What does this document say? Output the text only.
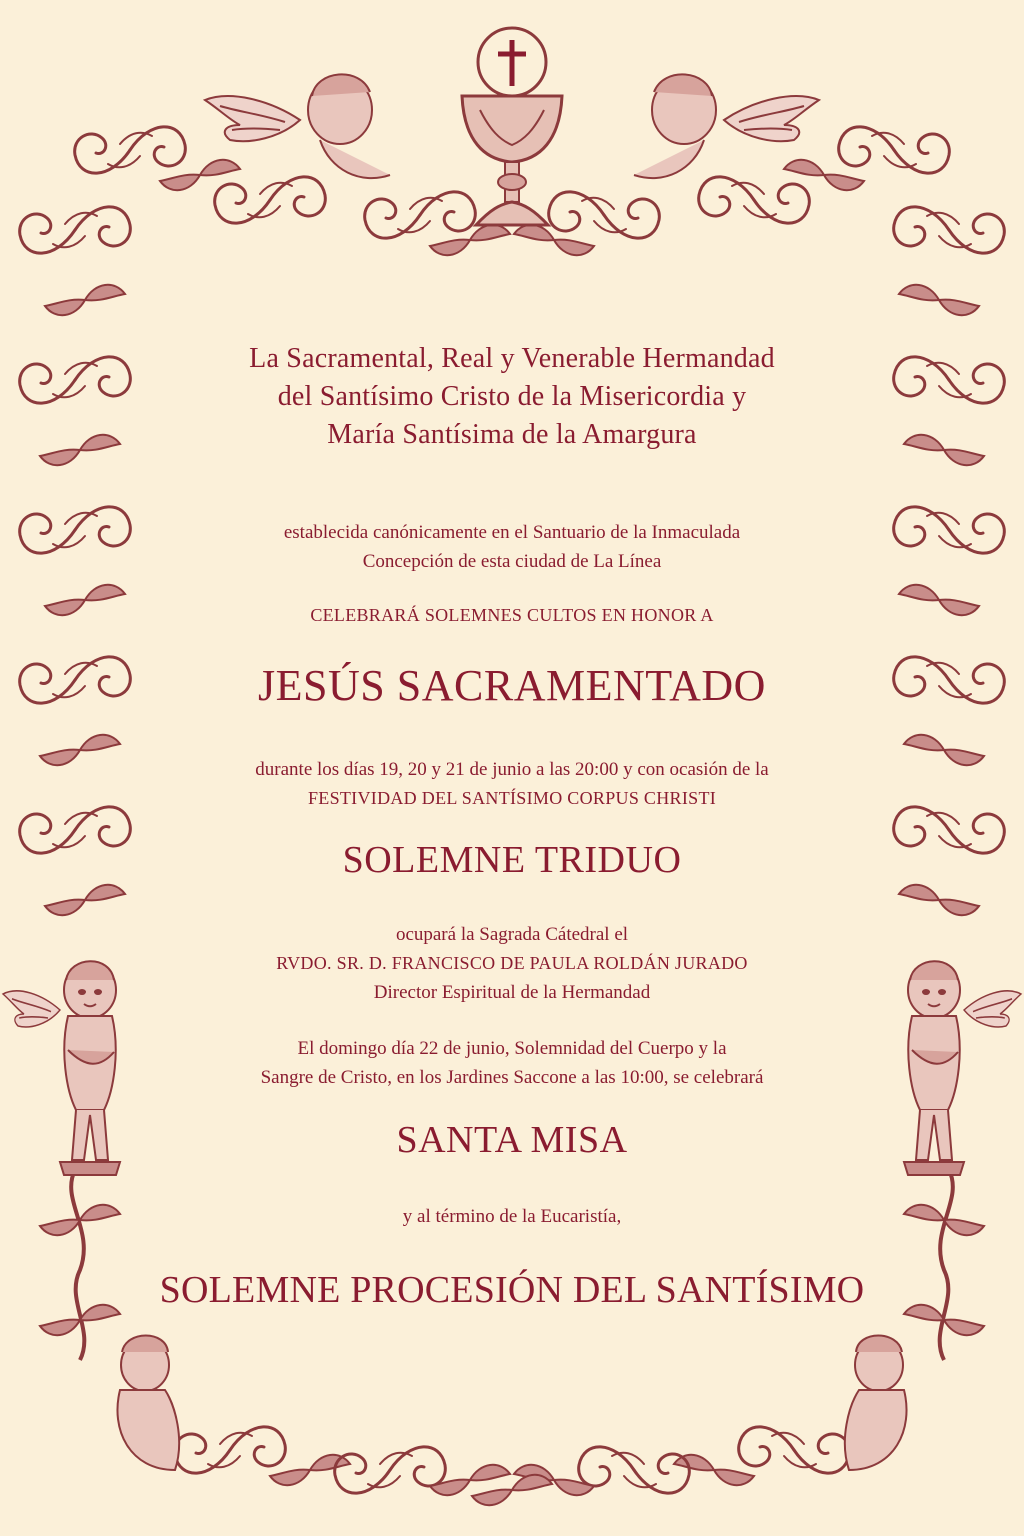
La Sacramental, Real y Venerable Hermandad
del Santísimo Cristo de la Misericordia y
María Santísima de la Amargura
establecida canónicamente en el Santuario de la Inmaculada
Concepción de esta ciudad de La Línea
CELEBRARÁ SOLEMNES CULTOS EN HONOR A
JESÚS SACRAMENTADO
durante los días 19, 20 y 21 de junio a las 20:00 y con ocasión de la
FESTIVIDAD DEL SANTÍSIMO CORPUS CHRISTI
SOLEMNE TRIDUO
ocupará la Sagrada Cátedral el
RVDO. SR. D. FRANCISCO DE PAULA ROLDÁN JURADO
Director Espiritual de la Hermandad
El domingo día 22 de junio, Solemnidad del Cuerpo y la
Sangre de Cristo, en los Jardines Saccone a las 10:00, se celebrará
SANTA MISA
y al término de la Eucaristía,
SOLEMNE PROCESIÓN DEL SANTÍSIMO
